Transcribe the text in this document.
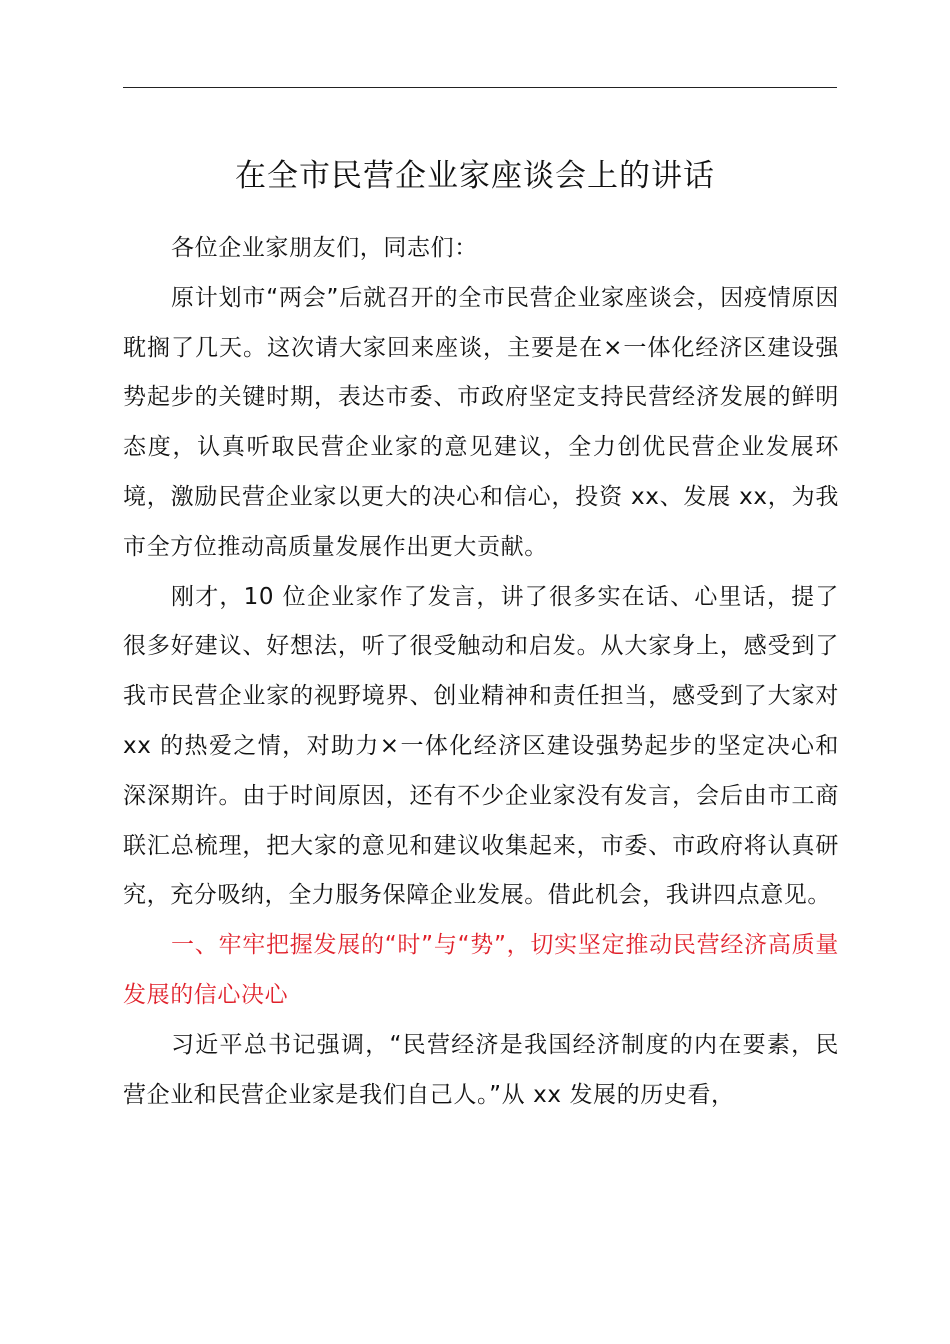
在全市民营企业家座谈会上的讲话

各位企业家朋友们，同志们：

原计划市“两会”后就召开的全市民营企业家座谈会，因疫情原因耽搁了几天。这次请大家回来座谈，主要是在×一体化经济区建设强势起步的关键时期，表达市委、市政府坚定支持民营经济发展的鲜明态度，认真听取民营企业家的意见建议，全力创优民营企业发展环境，激励民营企业家以更大的决心和信心，投资 xx、发展 xx，为我市全方位推动高质量发展作出更大贡献。

刚才，10 位企业家作了发言，讲了很多实在话、心里话，提了很多好建议、好想法，听了很受触动和启发。从大家身上，感受到了我市民营企业家的视野境界、创业精神和责任担当，感受到了大家对 xx 的热爱之情，对助力×一体化经济区建设强势起步的坚定决心和深深期许。由于时间原因，还有不少企业家没有发言，会后由市工商联汇总梳理，把大家的意见和建议收集起来，市委、市政府将认真研究，充分吸纳，全力服务保障企业发展。借此机会，我讲四点意见。

一、牢牢把握发展的“时”与“势”，切实坚定推动民营经济高质量发展的信心决心

习近平总书记强调，“民营经济是我国经济制度的内在要素，民营企业和民营企业家是我们自己人。”从 xx 发展的历史看，
